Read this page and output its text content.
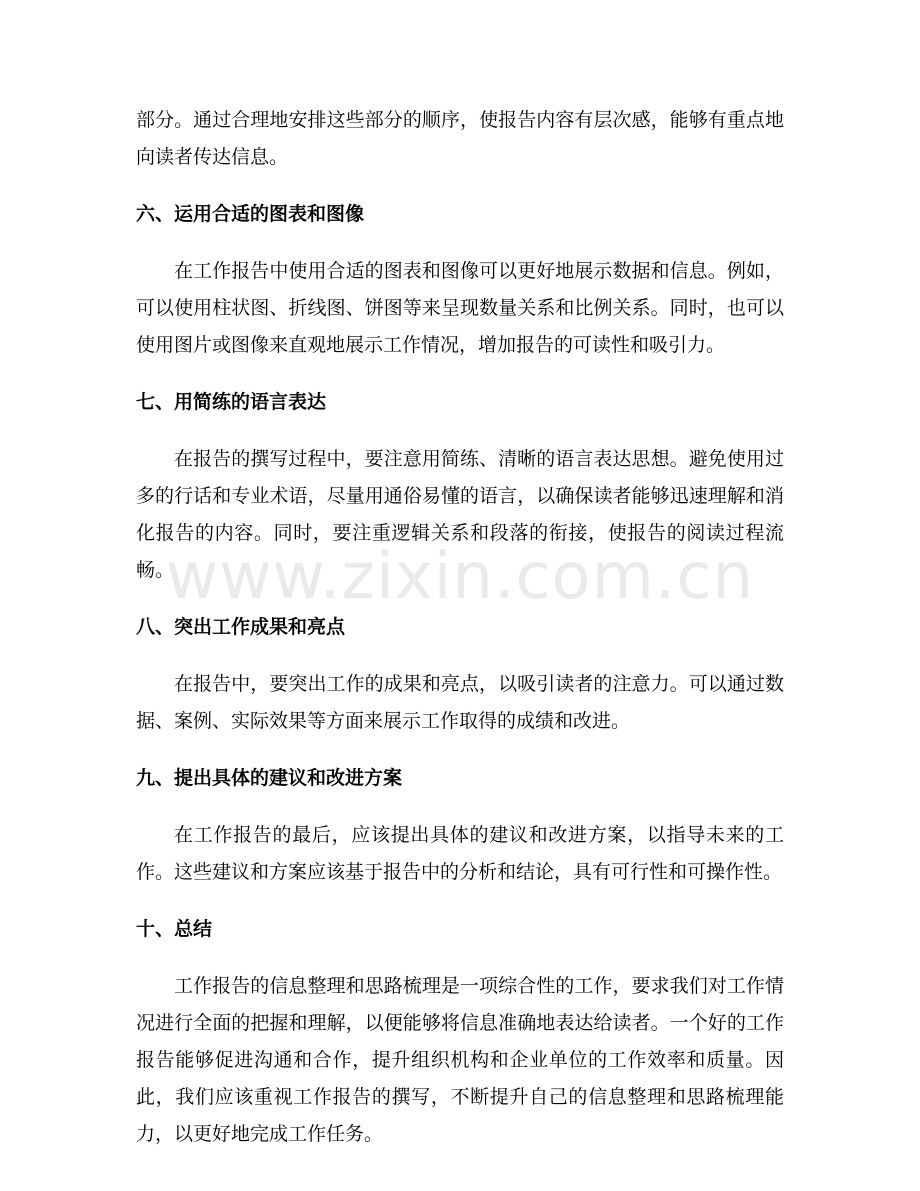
www.zixin.com.cn

部分。通过合理地安排这些部分的顺序，使报告内容有层次感，能够有重点地向读者传达信息。

六、运用合适的图表和图像

在工作报告中使用合适的图表和图像可以更好地展示数据和信息。例如，可以使用柱状图、折线图、饼图等来呈现数量关系和比例关系。同时，也可以使用图片或图像来直观地展示工作情况，增加报告的可读性和吸引力。

七、用简练的语言表达

在报告的撰写过程中，要注意用简练、清晰的语言表达思想。避免使用过多的行话和专业术语，尽量用通俗易懂的语言，以确保读者能够迅速理解和消化报告的内容。同时，要注重逻辑关系和段落的衔接，使报告的阅读过程流畅。

八、突出工作成果和亮点

在报告中，要突出工作的成果和亮点，以吸引读者的注意力。可以通过数据、案例、实际效果等方面来展示工作取得的成绩和改进。

九、提出具体的建议和改进方案

在工作报告的最后，应该提出具体的建议和改进方案，以指导未来的工作。这些建议和方案应该基于报告中的分析和结论，具有可行性和可操作性。

十、总结

工作报告的信息整理和思路梳理是一项综合性的工作，要求我们对工作情况进行全面的把握和理解，以便能够将信息准确地表达给读者。一个好的工作报告能够促进沟通和合作，提升组织机构和企业单位的工作效率和质量。因此，我们应该重视工作报告的撰写，不断提升自己的信息整理和思路梳理能力，以更好地完成工作任务。
